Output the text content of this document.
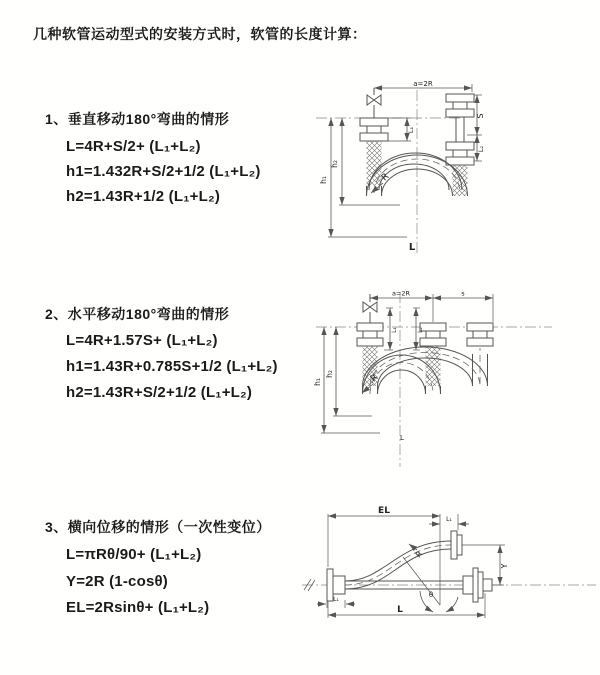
几种软管运动型式的安装方式时，软管的长度计算：
1、垂直移动180°弯曲的情形
L=4R+S/2+ (L₁+L₂)
h1=1.432R+S/2+1/2 (L₁+L₂)
h2=1.43R+1/2 (L₁+L₂)
R
a=2R
S
L₂
L₁
h₁
h₂
L
2、水平移动180°弯曲的情形
L=4R+1.57S+ (L₁+L₂)
h1=1.43R+0.785S+1/2 (L₁+L₂)
h2=1.43R+S/2+1/2 (L₁+L₂)
R
a=2R	s
L₁	L₂
h₁
h₂
L
3、横向位移的情形（一次性变位）
L=πRθ/90+ (L₁+L₂)
Y=2R (1-cosθ)
EL=2Rsinθ+ (L₁+L₂)
R
θ
EL
L₁
Y
L
L₁
